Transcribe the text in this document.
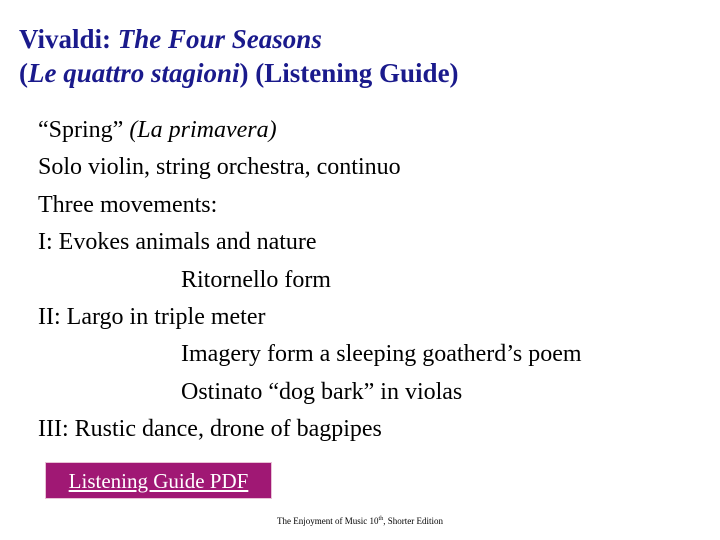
Vivaldi: The Four Seasons
(Le quattro stagioni) (Listening Guide)
“Spring” (La primavera)
Solo violin, string orchestra, continuo
Three movements:
I: Evokes animals and nature
Ritornello form
II: Largo in triple meter
Imagery form a sleeping goatherd’s poem
Ostinato “dog bark” in violas
III: Rustic dance, drone of bagpipes
Listening Guide PDF
The Enjoyment of Music 10th, Shorter Edition
